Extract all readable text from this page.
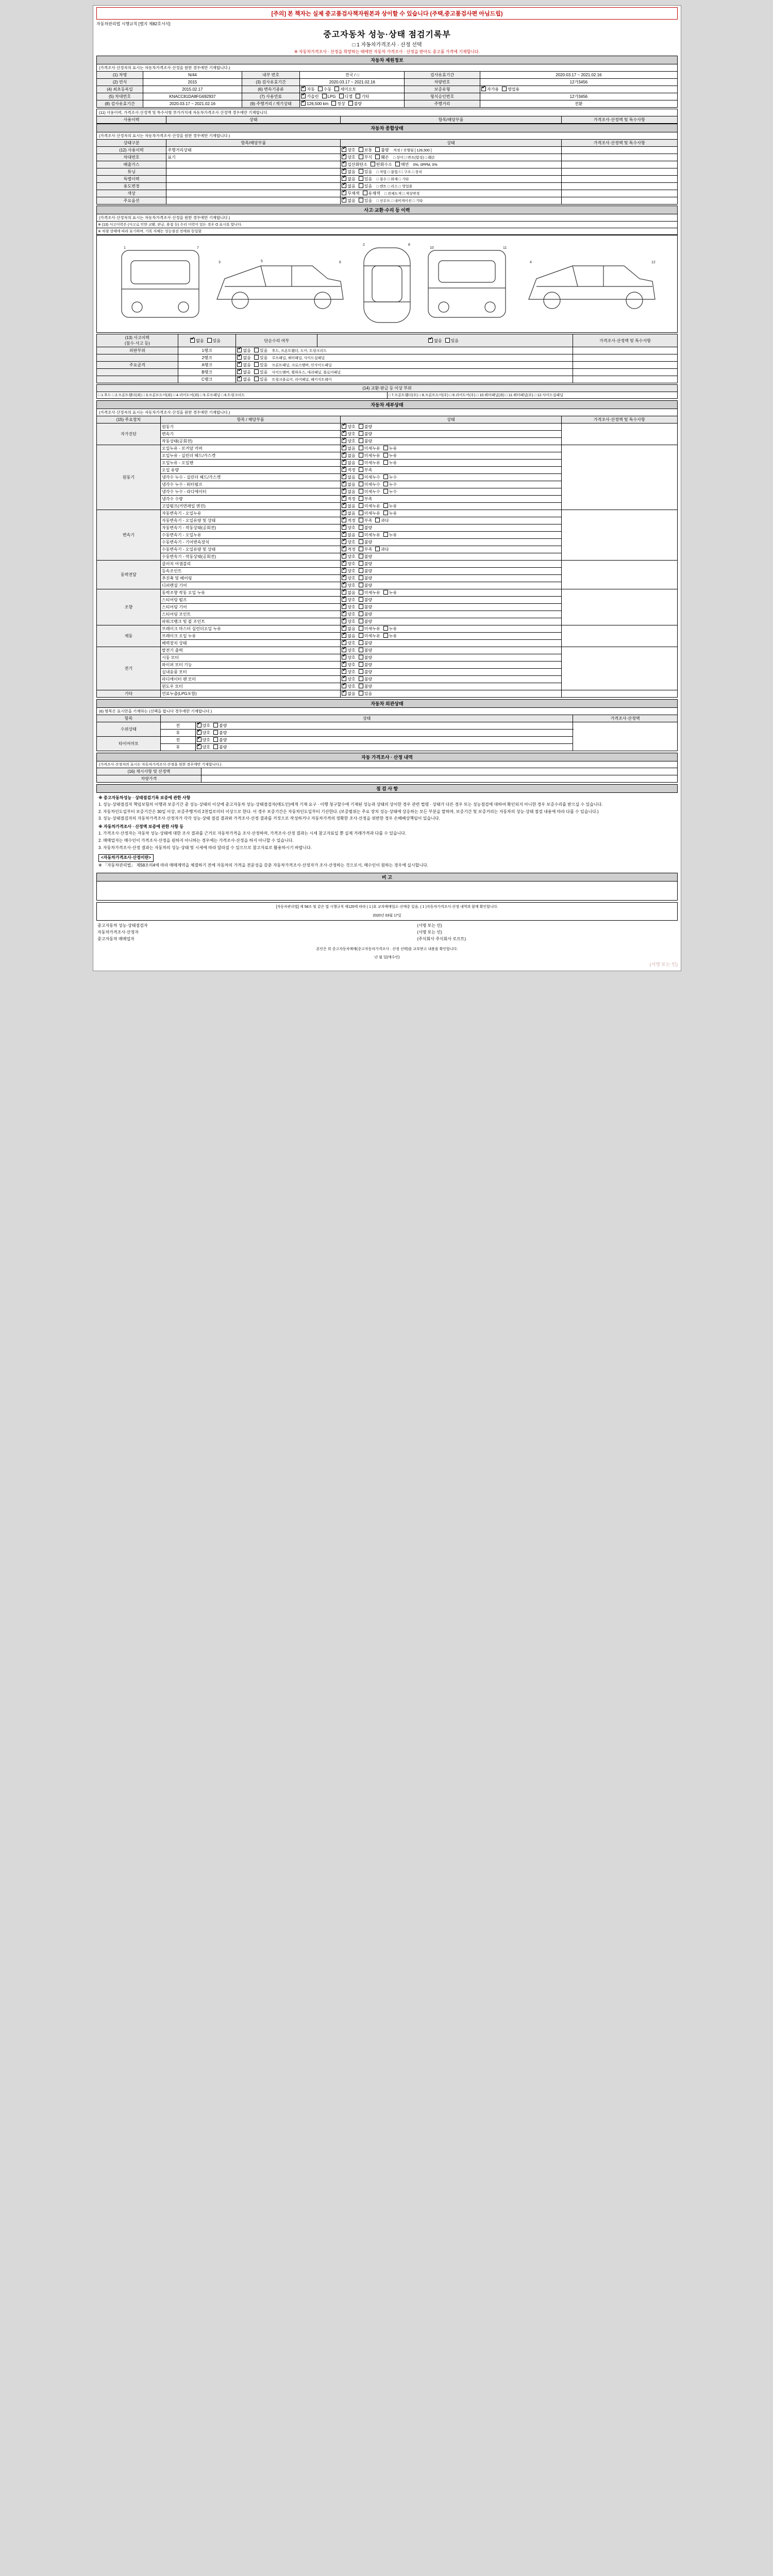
[주의] 본 책자는 실제 중고품검사책자원본과 상이할 수 있습니다 (주택,중고품검사편 아님드립)
자동차관리법 시행규칙 [별지 제82호서식]
중고자동차 성능·상태 점검기록부
□ 1 자동차가격조사 · 산정 선택
※ 자동차가격조사 · 산정을 희망하는 때에만 자동차 가격조사 · 산정을 받아도 중고품 가격에 기재합니다.
자동차 제원정보					
(가격조사·산정자의 표시는 자동차가격조사·산정을 원한 경우에만 기재합니다.)					
(1) 차명	N/44	내부 번호	전국 / □	검사유효기간	2020.03.17 ~ 2021.02.16
(2) 연식	2015	(3) 검사유효기간	2020.03.17 ~ 2021.02.16	차량번호	12가3456
(4) 최초등록일	2015.02.17	(6) 변속기종류	✔자동 수동 세미오토	보증유형	✔자가용 영업용
(5) 차대번호	KNACC81DA8FG692937	(7) 사용연료	✔가솔린 LPG 디젤 기타	형식승인번호	12가3456
(8) 검사유효기간	2020.03.17 ~ 2021.02.16	(9) 주행거리 / 계기상태	✔126,500 km 정상 불량	주행거리	전환
(11) 사용이력, 가격조사·산정액 및 특수사항 부가가치세 자동차가격조사·산정액 경우에만 기재합니다.
사용이력	상태	항목/해당부품	가격조사·산정액 및 특수사항
자동차 종합상태			
(가격조사·산정자의 표시는 자동차가격조사·산정을 원한 경우에만 기재합니다.)			
상태구분	항목/해당부품	상태	가격조사·산정액 및 특수사항
(12) 사용이력	주행거리상태	✔양호 보통 불량 적정 / 진행됨 [ 126,500 ]	
차대번호	표기	✔양호 부식 훼손 □ 상이 □ 변조(합성) □ 훼손	
배출가스		✔일산화탄소 탄화수소 매연 0%, 0PPM, 0%	
튜닝		✔없음 있음 □ 적법 □ 불법 / □ 구조 □ 장치	
특별이력		✔없음 있음 □ 침수 □ 화재 □ 기타	
용도변경		✔없음 있음 □ 렌트 □ 리스 □ 영업용	
색상		✔무채색 유채색 □ 전체도색 □ 색상변경	
주요옵션		✔없음 있음 □ 선루프 □ 내비게이션 □ 기타	
사고·교환·수리 등 이력
(가격조사·산정자의 표시는 자동차가격조사·산정을 원한 경우에만 기재합니다.)
※ (13) 사고이력은 (사고로 인한 교환, 판금, 용접 등) 수리 이력이 있는 경우 O 표시를 합니다.
※ 차량 상태에 따라 표기하며, 기록 자체는 성능점검 전에와 동일함
1	7
3	5	6
2	8
10	11
4	12
(13) 사고이력
(침수·사고 등)	✔없음 있음	단순수리 여부	✔없음 있음	가격조사·산정액 및 특수사항
외판부위	1랭크	✔없음 있음 후드, 프론트휀더, 도어, 트렁크리드	
	2랭크	✔없음 있음 루프패널, 쿼터패널, 사이드실패널	
주요골격	A랭크	✔없음 있음 프론트패널, 크로스멤버, 인사이드패널	
	B랭크	✔없음 있음 사이드멤버, 휠하우스, 대쉬패널, 플로어패널	
	C랭크	✔없음 있음 트렁크플로어, 리어패널, 패키지트레이	
(14) 교환·판금 등 이상 부위
□ 1.후드 □ 2.프론트휀더(좌) □ 3.프론트도어(좌) □ 4.리어도어(좌) □ 5.루프패널 □ 6.트렁크리드	□ 7.프론트휀더(우) □ 8.프론트도어(우) □ 9.리어도어(우) □ 10.쿼터패널(좌) □ 11.쿼터패널(우) □ 12.사이드실패널
자동차 세부상태			
(가격조사·산정자의 표시는 자동차가격조사·산정을 원한 경우에만 기재합니다.)			
(15) 주요장치	항목 / 해당부품	상태	가격조사·산정액 및 특수사항
자가진단	원동기	✔양호 불량	
	변속기	✔양호 불량
	작동상태(공회전)	✔양호 불량
원동기	오일누유 - 로커암 커버	✔없음 미세누유 누유	
	오일누유 - 실린더 헤드/가스켓	✔없음 미세누유 누유
	오일누유 - 오일팬	✔없음 미세누유 누유
	오일 유량	✔적정 부족
	냉각수 누수 - 실린더 헤드/가스켓	✔없음 미세누수 누수
	냉각수 누수 - 워터펌프	✔없음 미세누수 누수
	냉각수 누수 - 라디에이터	✔없음 미세누수 누수
	냉각수 수량	✔적정 부족
	고압펌프(커먼레일 엔진)	✔없음 미세누유 누유
변속기	자동변속기 - 오일누유	✔없음 미세누유 누유	
	자동변속기 - 오일유량 및 상태	✔적정 부족 과다
	자동변속기 - 작동상태(공회전)	✔양호 불량
	수동변속기 - 오일누유	✔없음 미세누유 누유
	수동변속기 - 기어변속장치	✔양호 불량
	수동변속기 - 오일유량 및 상태	✔적정 부족 과다
	수동변속기 - 작동상태(공회전)	✔양호 불량
동력전달	클러치 어셈블리	✔양호 불량	
	등속조인트	✔양호 불량
	추진축 및 베어링	✔양호 불량
	디퍼렌셜 기어	✔양호 불량
조향	동력조향 작동 오일 누유	✔없음 미세누유 누유	
	스티어링 펌프	✔양호 불량
	스티어링 기어	✔양호 불량
	스티어링 조인트	✔양호 불량
	파워크랭크 및 볼 조인트	✔양호 불량
제동	브레이크 마스터 실린더오일 누유	✔없음 미세누유 누유	
	브레이크 오일 누유	✔없음 미세누유 누유
	배력장치 상태	✔양호 불량
전기	발전기 출력	✔양호 불량	
	시동 모터	✔양호 불량
	와이퍼 모터 기능	✔양호 불량
	실내송풍 모터	✔양호 불량
	라디에이터 팬 모터	✔양호 불량
	윈도우 모터	✔양호 불량
기타	연료누출(LPG포함)	✔없음 있음	
자동차 외관상태			
(6) 항목은 표시만을 기재하는 (선택을 합니다 경우에만 기재합니다.)			
항목	상태		가격조사·산정액
수위상태	전	✔양호 불량	
	후	✔양호 불량
타이어마모	전	✔양호 불량
	후	✔양호 불량
자동 가격조사 · 산정 내역	
(가격조사·산정자의 표시는 자동차가격조사·산정을 원한 경우에만 기재합니다.)	
(16) 제시사항 및 산정액	
차량가격	
점 검 사 항
※ 중고자동차성능 · 상태점검기록 보증에 관한 사항
1. 성능·상태점검자 책임보험의 이행과 보증기간 중 성능·상태의 이상에 중고자동차 성능·상태점검자(매도인)에게 기재 요구 · 이행 청구할수에 기재된 성능과 상태의 상이한 경우 관련 법령 · 상태가 다른 경우 또는 성능점검에 대하여 확인되지 아니한 경우 보증수리를 받으실 수 있습니다.
2. 자동차인도일부터 보증기간은 30일 이상, 보증주행거리 2천킬로미터 이상으로 한다. 이 경우 보증기간은 자동차인도일부터 기산한다. (보증범위는 주요 장치 성능·상태에 상응하는 모든 부분을 말하며, 보증기간 및 보증거리는 자동차의 성능·상태 점검 내용에 따라 다를 수 있습니다.)
3. 성능·상태점검자의 자동차가격조사·산정자가 각각 성능·상태 점검 결과와 가격조사·산정 결과를 거짓으로 작성하거나 자동차가격의 정확한 조사·산정을 위반한 경우 손해배상책임이 있습니다.
※ 자동차가격조사 · 산정액 보증에 관한 사항 등
1. 가격조사·산정자는 자동차 성능·상태에 대한 조사 결과를 근거로 자동차가격을 조사·산정하며, 가격조사·산정 결과는 시세 참고자료일 뿐 실제 거래가격과 다를 수 있습니다.
2. 매매업자는 매수인이 가격조사·산정을 원하지 아니하는 경우에는 가격조사·산정을 하지 아니할 수 있습니다.
3. 자동차가격조사·산정 결과는 자동차의 성능·상태 및 시세에 따라 달라질 수 있으므로 참고자료로 활용하시기 바랍니다.
<자동차가격조사·산정이란>
※ 「자동차관리법」 제58조의4에 따라 매매계약을 체결하기 전에 자동차의 가격을 전문성을 갖춘 자동차가격조사·산정자가 조사·산정하는 것으로서, 매수인이 원하는 경우에 실시합니다.
비 고

[자동차관리법] 제 58조 및 같은 법 시행규칙 제120에 따라 ( 1 )호 교차매매업소·산매중 있음, ( 1 )자동차가격조사·산정 내역과 함께 확인합니다.
2020년 03월 17일
중고자동차 성능·상태점검자	(서명 또는 인)
자동차가격조사·산정자	(서명 또는 인)
중고자동차 매매업자	(주식회사 주식회사 로프트)
본인은 위 중고자동차매매(중고자동차가격조사 · 산정 선택)을 교부받고 내용을 확인합니다.
년 월 일(매수인)
(서명 또는 인)
